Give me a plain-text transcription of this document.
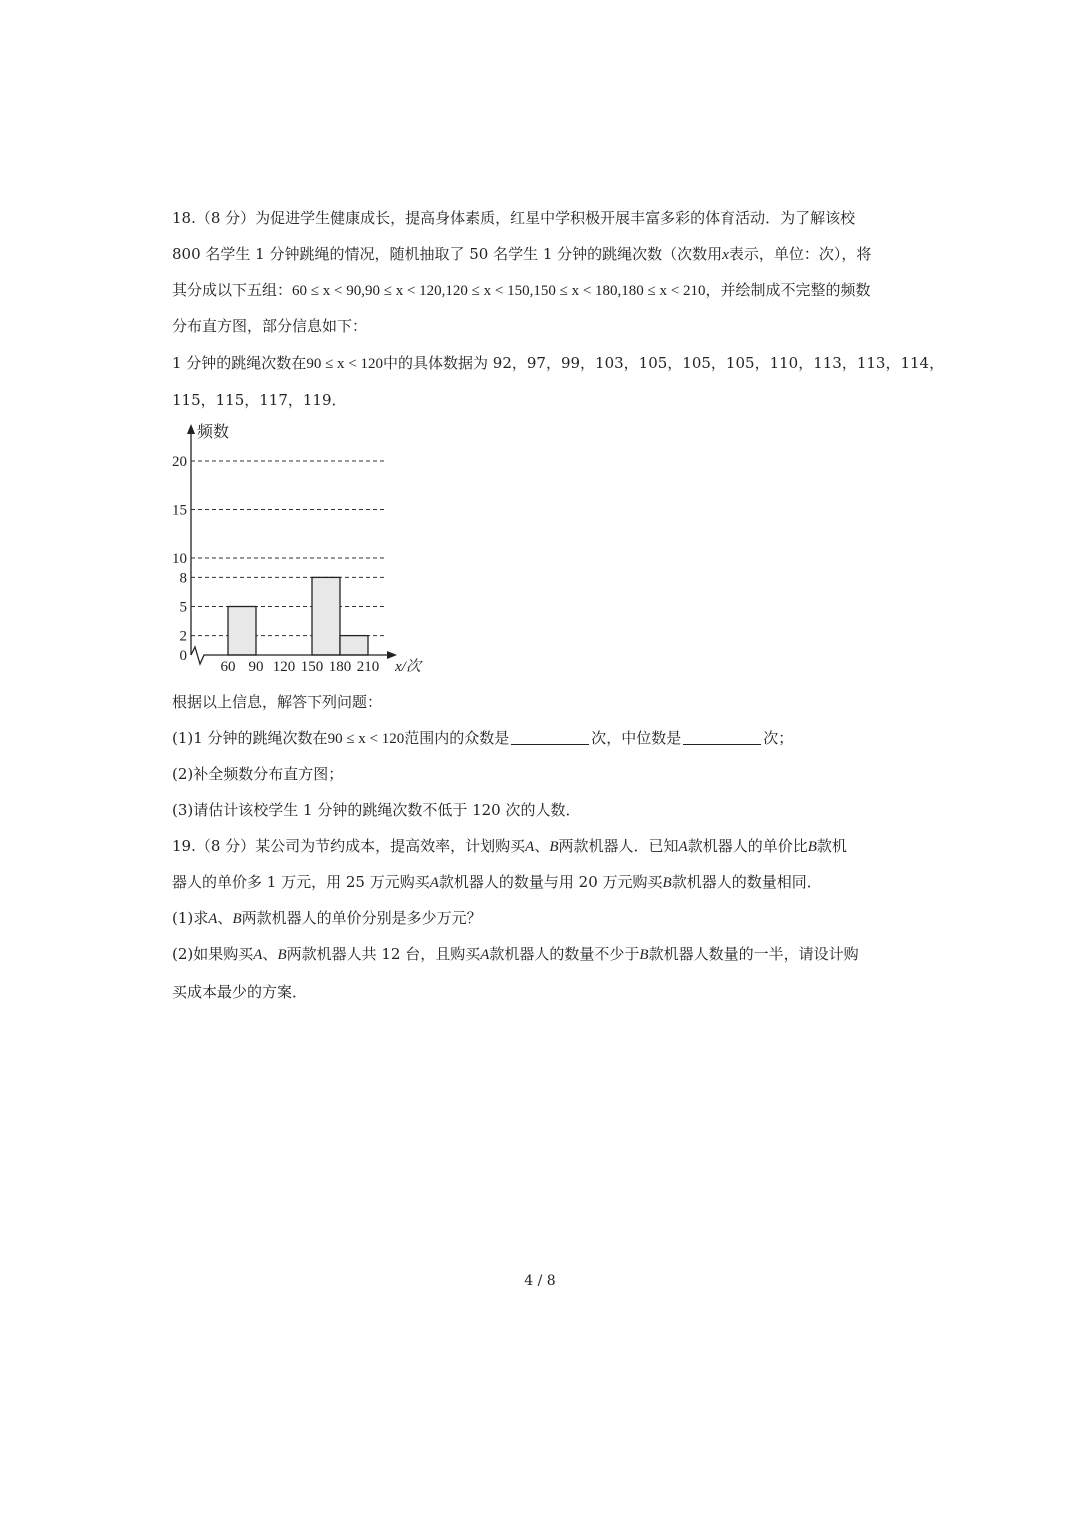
18.（8 分）为促进学生健康成长，提高身体素质，红星中学积极开展丰富多彩的体育活动．为了解该校
800 名学生 1 分钟跳绳的情况，随机抽取了 50 名学生 1 分钟的跳绳次数（次数用x表示，单位：次），将
其分成以下五组：60 ≤ x < 90,90 ≤ x < 120,120 ≤ x < 150,150 ≤ x < 180,180 ≤ x < 210，并绘制成不完整的频数
分布直方图，部分信息如下：
1 分钟的跳绳次数在90 ≤ x < 120中的具体数据为 92，97，99，103，105，105，105，110，113，113，114，
115，115，117，119．
0
2
5
8
10
15
20
60 90 120 150 180 210
频数
x/次
根据以上信息，解答下列问题：
(1)1 分钟的跳绳次数在90 ≤ x < 120范围内的众数是	次，中位数是	次；
(2)补全频数分布直方图；
(3)请估计该校学生 1 分钟的跳绳次数不低于 120 次的人数．
19.（8 分）某公司为节约成本，提高效率，计划购买A、B两款机器人．已知A款机器人的单价比B款机
器人的单价多 1 万元，用 25 万元购买A款机器人的数量与用 20 万元购买B款机器人的数量相同．
(1)求A、B两款机器人的单价分别是多少万元？
(2)如果购买A、B两款机器人共 12 台，且购买A款机器人的数量不少于B款机器人数量的一半，请设计购
买成本最少的方案．
4 / 8
